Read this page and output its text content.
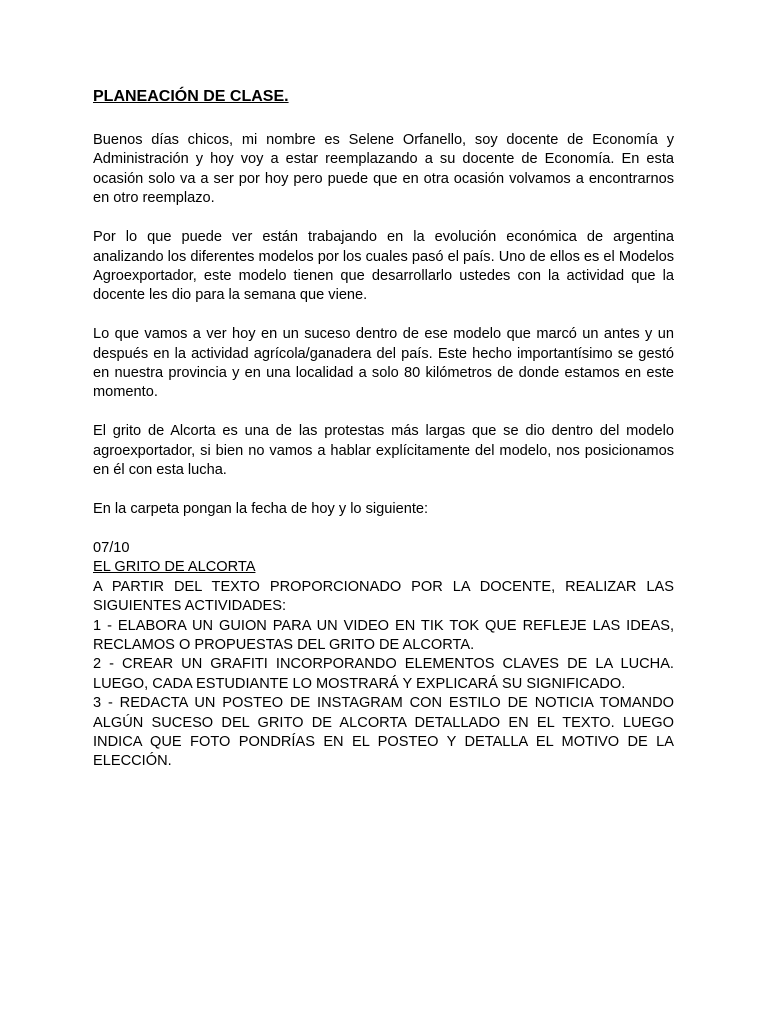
PLANEACIÓN DE CLASE.

Buenos días chicos, mi nombre es Selene Orfanello, soy docente de Economía y Administración y hoy voy a estar reemplazando a su docente de Economía. En esta ocasión solo va a ser por hoy pero puede que en otra ocasión volvamos a encontrarnos en otro reemplazo.

Por lo que puede ver están trabajando en la evolución económica de argentina analizando los diferentes modelos por los cuales pasó el país. Uno de ellos es el Modelos Agroexportador, este modelo tienen que desarrollarlo ustedes con la actividad que la docente les dio para la semana que viene.

Lo que vamos a ver hoy en un suceso dentro de ese modelo que marcó un antes y un después en la actividad agrícola/ganadera del país. Este hecho importantísimo se gestó en nuestra provincia y en una localidad a solo 80 kilómetros de donde estamos en este momento.

El grito de Alcorta es una de las protestas más largas que se dio dentro del modelo agroexportador, si bien no vamos a hablar explícitamente del modelo, nos posicionamos en él con esta lucha.

En la carpeta pongan la fecha de hoy y lo siguiente:

07/10
EL GRITO DE ALCORTA
A PARTIR DEL TEXTO PROPORCIONADO POR LA DOCENTE, REALIZAR LAS SIGUIENTES ACTIVIDADES:
1 - ELABORA UN GUION PARA UN VIDEO EN TIK TOK QUE REFLEJE LAS IDEAS, RECLAMOS O PROPUESTAS DEL GRITO DE ALCORTA.
2 - CREAR UN GRAFITI INCORPORANDO ELEMENTOS CLAVES DE LA LUCHA. LUEGO, CADA ESTUDIANTE LO MOSTRARÁ Y EXPLICARÁ SU SIGNIFICADO.
3 - REDACTA UN POSTEO DE INSTAGRAM CON ESTILO DE NOTICIA TOMANDO ALGÚN SUCESO DEL GRITO DE ALCORTA DETALLADO EN EL TEXTO. LUEGO INDICA QUE FOTO PONDRÍAS EN EL POSTEO Y DETALLA EL MOTIVO DE LA ELECCIÓN.
